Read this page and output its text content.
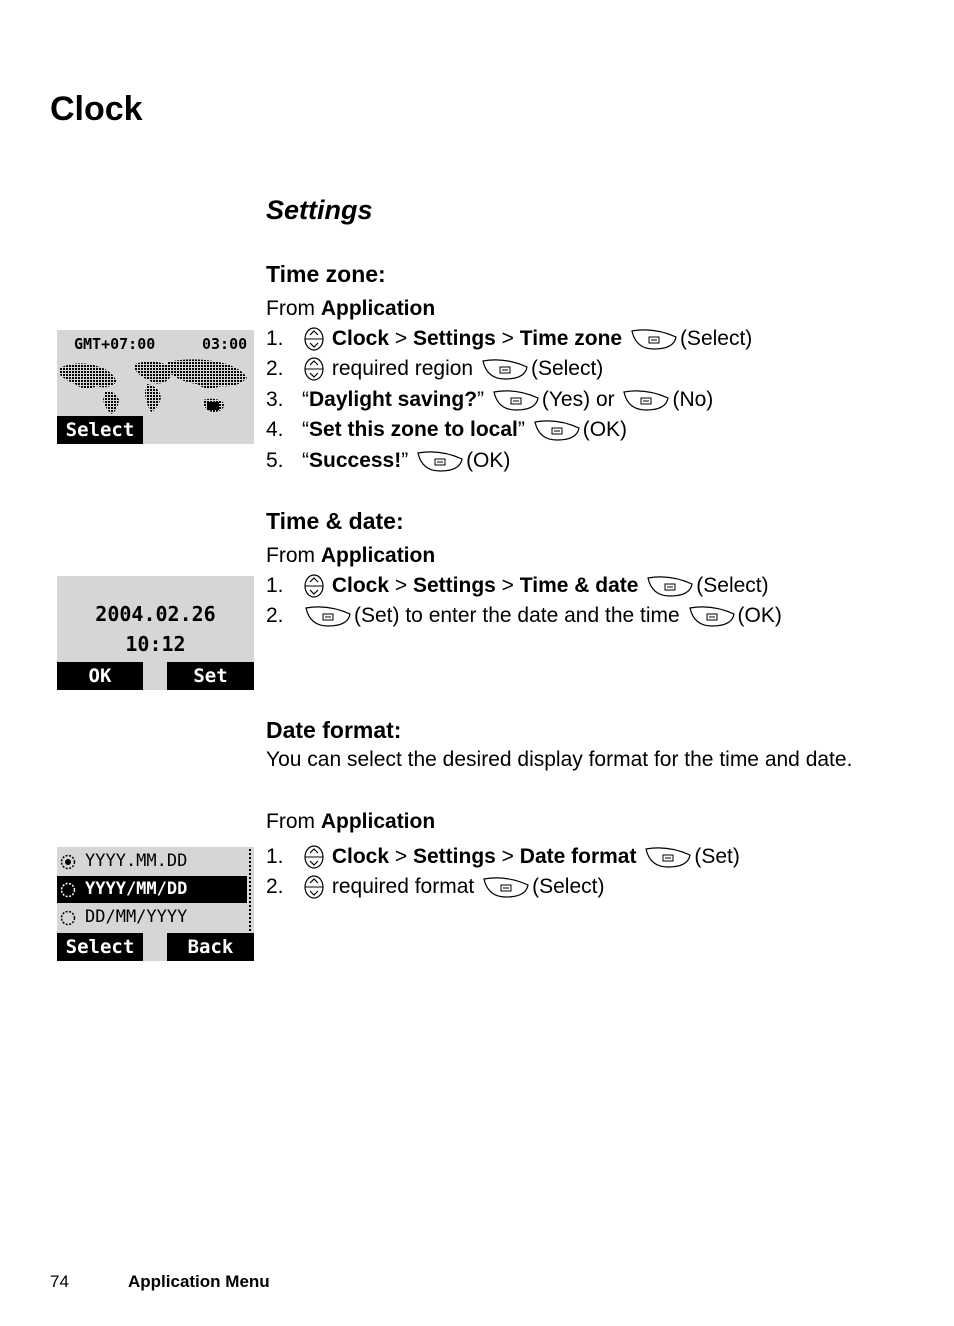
Clock
Settings
Time zone:
From Application
GMT+07:00	03:00
Select
1. Clock > Settings > Time zone	(Select)
2. required region	(Select)
3. “Daylight saving?”
(Yes) or	(No)
4. “Set this zone to local”
(OK)
5. “Success!”
(OK)
Time & date:
From Application
2004.02.26
10:12
OK	Set
1. Clock > Settings > Time & date	(Select)
2.	(Set) to enter the date and the time	(OK)
Date format:
You can select the desired display format for the time and date.
From Application
YYYY.MM.DD
YYYY/MM/DD
DD/MM/YYYY
Select	Back
1. Clock > Settings > Date format	(Set)
2. required format	(Select)
74	Application Menu
